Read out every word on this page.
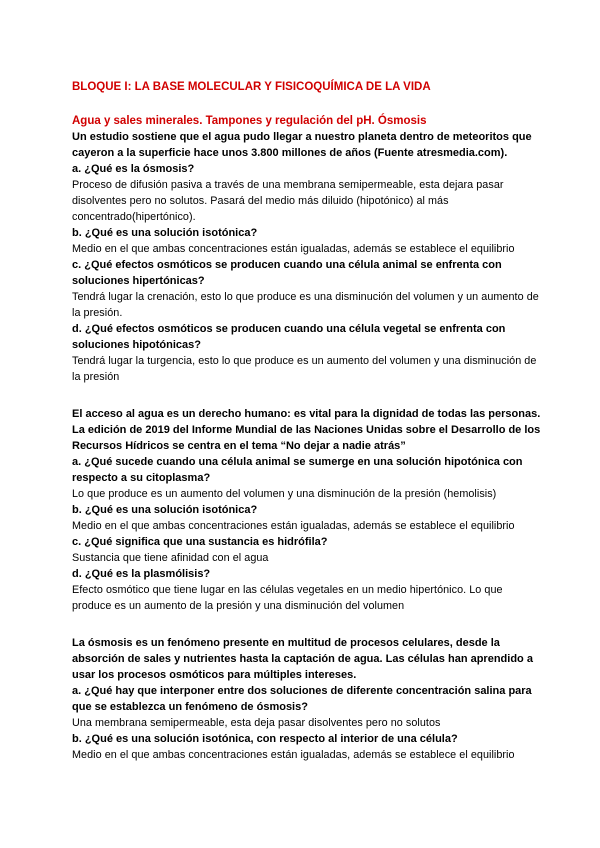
BLOQUE I: LA BASE MOLECULAR Y FISICOQUÍMICA DE LA VIDA
Agua y sales minerales. Tampones y regulación del pH. Ósmosis

Un estudio sostiene que el agua pudo llegar a nuestro planeta dentro de meteoritos que cayeron a la superficie hace unos 3.800 millones de años (Fuente atresmedia.com).

a. ¿Qué es la ósmosis?

Proceso de difusión pasiva a través de una membrana semipermeable, esta dejara pasar disolventes pero no solutos. Pasará del medio más diluido (hipotónico) al más concentrado(hipertónico).

b. ¿Qué es una solución isotónica?

Medio en el que ambas concentraciones están igualadas, además se establece el equilibrio

c. ¿Qué efectos osmóticos se producen cuando una célula animal se enfrenta con soluciones hipertónicas?

Tendrá lugar la crenación, esto lo que produce es una disminución del volumen y un aumento de la presión.

d. ¿Qué efectos osmóticos se producen cuando una célula vegetal se enfrenta con soluciones hipotónicas?

Tendrá lugar la turgencia, esto lo que produce es un aumento del volumen y una disminución de la presión

El acceso al agua es un derecho humano: es vital para la dignidad de todas las personas. La edición de 2019 del Informe Mundial de las Naciones Unidas sobre el Desarrollo de los Recursos Hídricos se centra en el tema “No dejar a nadie atrás”

a. ¿Qué sucede cuando una célula animal se sumerge en una solución hipotónica con respecto a su citoplasma?

Lo que produce es un aumento del volumen y una disminución de la presión (hemolisis)

b. ¿Qué es una solución isotónica?

Medio en el que ambas concentraciones están igualadas, además se establece el equilibrio

c. ¿Qué significa que una sustancia es hidrófila?

Sustancia que tiene afinidad con el agua

d. ¿Qué es la plasmólisis?

Efecto osmótico que tiene lugar en las células vegetales en un medio hipertónico. Lo que produce es un aumento de la presión y una disminución del volumen

La ósmosis es un fenómeno presente en multitud de procesos celulares, desde la absorción de sales y nutrientes hasta la captación de agua. Las células han aprendido a usar los procesos osmóticos para múltiples intereses.

a. ¿Qué hay que interponer entre dos soluciones de diferente concentración salina para que se establezca un fenómeno de ósmosis?

Una membrana semipermeable, esta deja pasar disolventes pero no solutos

b. ¿Qué es una solución isotónica, con respecto al interior de una célula?

Medio en el que ambas concentraciones están igualadas, además se establece el equilibrio
